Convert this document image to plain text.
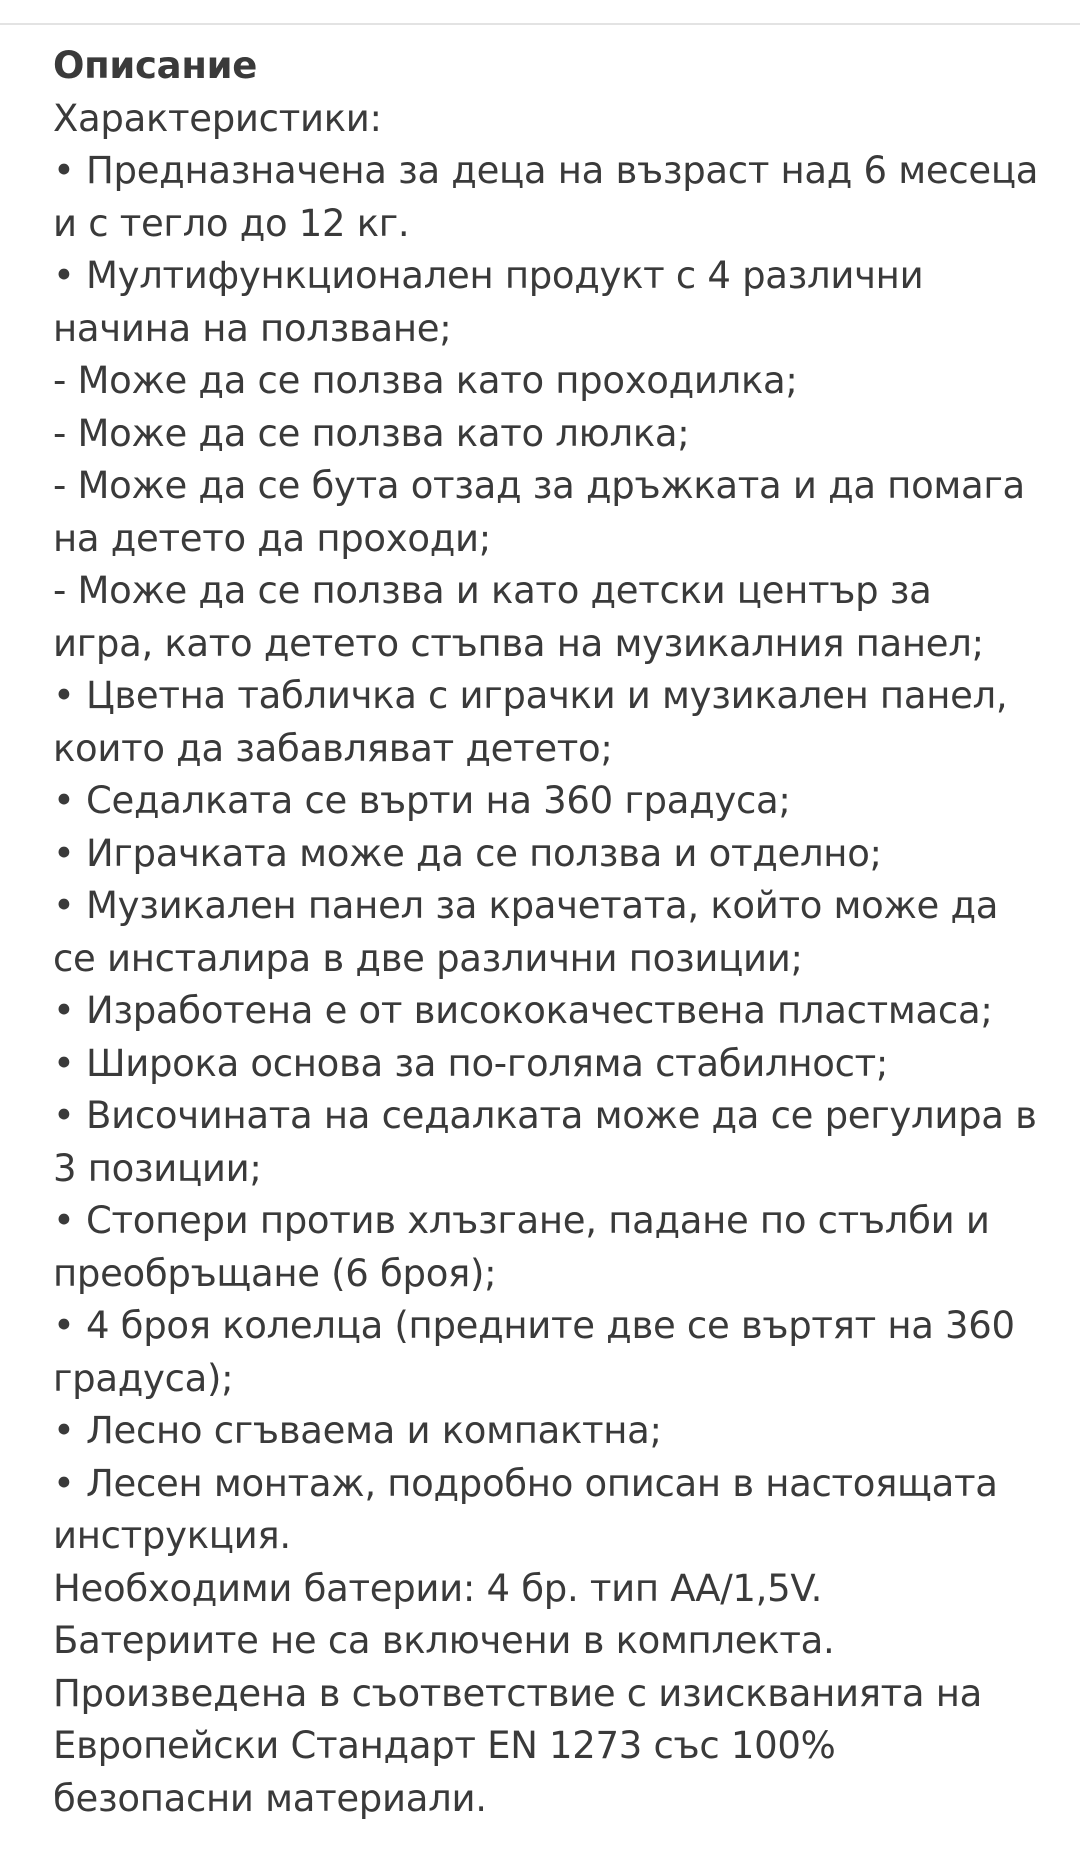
Описание

Характеристики:

• Предназначена за деца на възраст над 6 месеца

и с тегло до 12 кг.

• Мултифункционален продукт с 4 различни

начина на ползване;

- Може да се ползва като проходилка;

- Може да се ползва като люлка;

- Може да се бута отзад за дръжката и да помага

на детето да проходи;

- Може да се ползва и като детски център за

игра, като детето стъпва на музикалния панел;

• Цветна табличка с играчки и музикален панел,

които да забавляват детето;

• Седалката се върти на 360 градуса;

• Играчката може да се ползва и отделно;

• Музикален панел за крачетата, който може да

се инсталира в две различни позиции;

• Изработена е от висококачествена пластмаса;

• Широка основа за по-голяма стабилност;

• Височината на седалката може да се регулира в

3 позиции;

• Стопери против хлъзгане, падане по стълби и

преобръщане (6 броя);

• 4 броя колелца (предните две се въртят на 360

градуса);

• Лесно сгъваема и компактна;

• Лесен монтаж, подробно описан в настоящата

инструкция.

Необходими батерии: 4 бр. тип АА/1,5V.

Батериите не са включени в комплекта.

Произведена в съответствие с изискванията на

Европейски Стандарт EN 1273 със 100%

безопасни материали.
